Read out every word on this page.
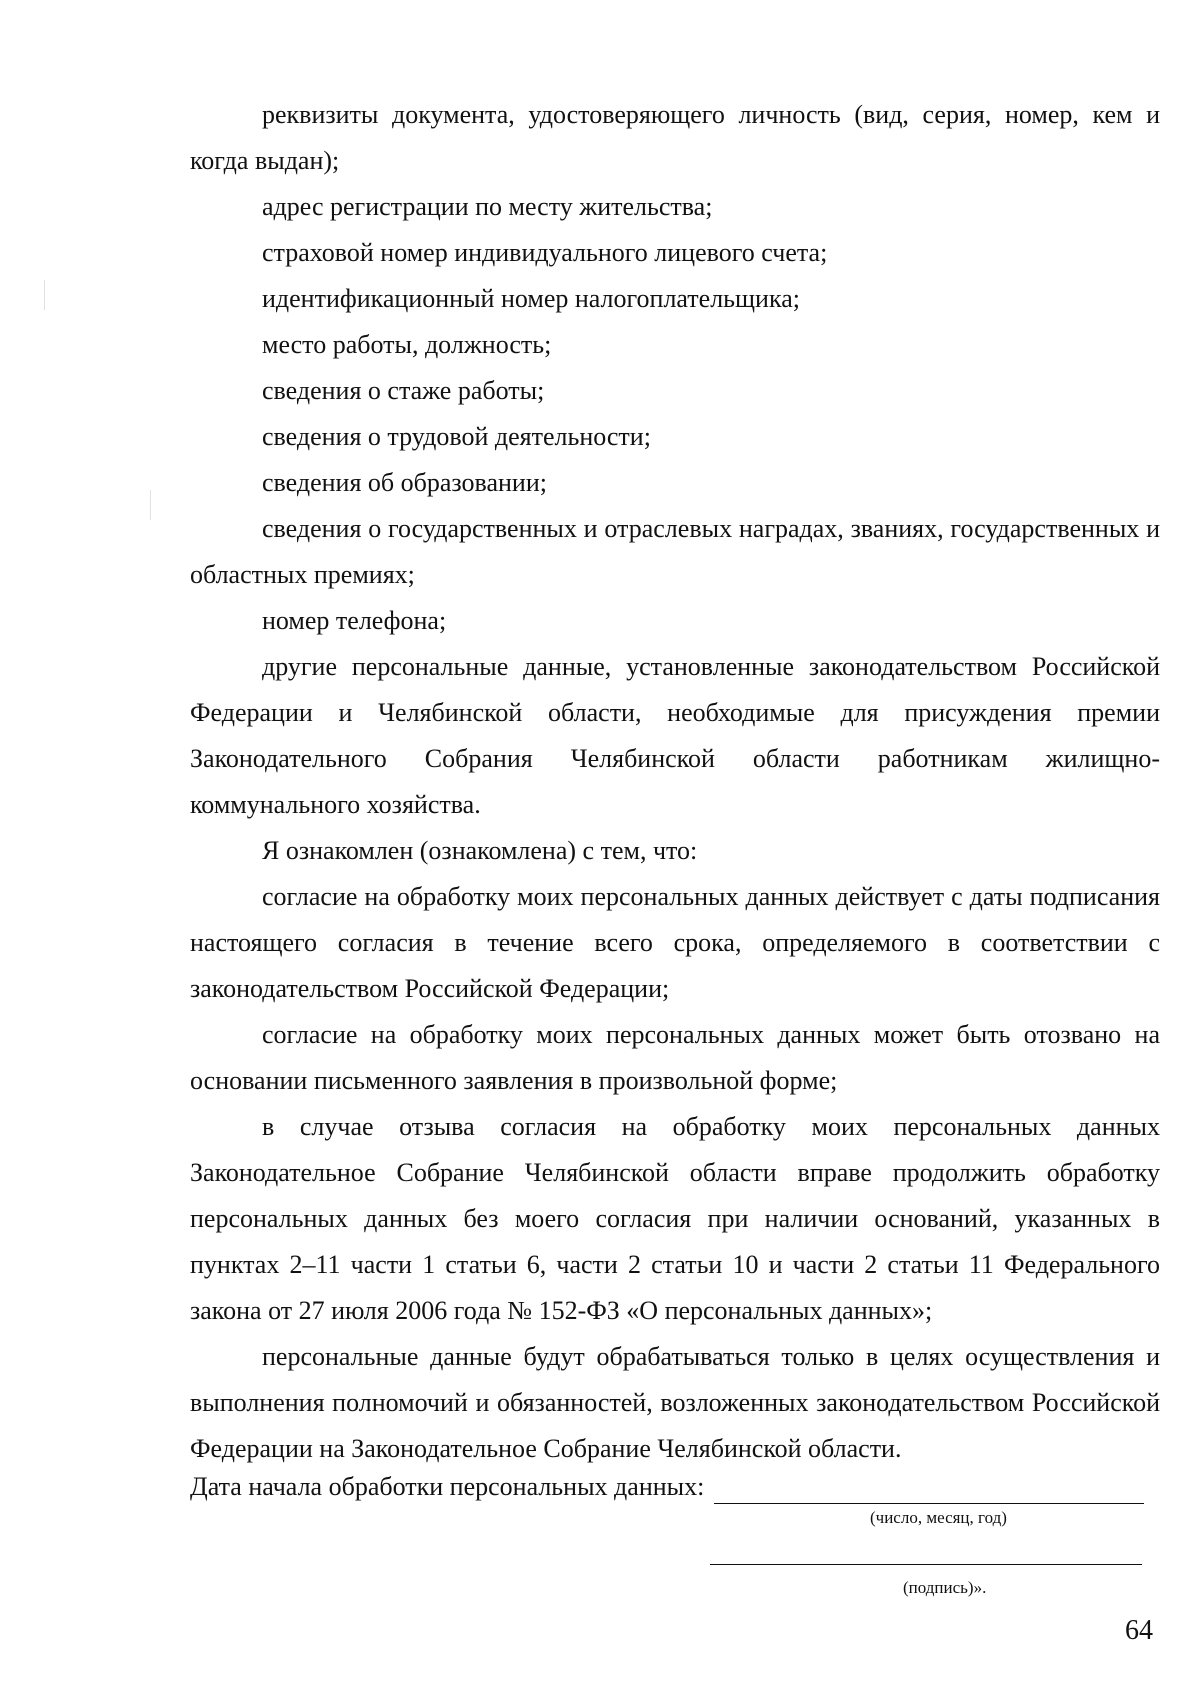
реквизиты документа, удостоверяющего личность (вид, серия, номер, кем и когда выдан);

адрес регистрации по месту жительства;

страховой номер индивидуального лицевого счета;

идентификационный номер налогоплательщика;

место работы, должность;

сведения о стаже работы;

сведения о трудовой деятельности;

сведения об образовании;

сведения о государственных и отраслевых наградах, званиях, государственных и областных премиях;

номер телефона;

другие персональные данные, установленные законодательством Российской Федерации и Челябинской области, необходимые для присуждения премии Законодательного Собрания Челябинской области работникам жилищно-коммунального хозяйства.

Я ознакомлен (ознакомлена) с тем, что:

согласие на обработку моих персональных данных действует с даты подписания настоящего согласия в течение всего срока, определяемого в соответствии с законодательством Российской Федерации;

согласие на обработку моих персональных данных может быть отозвано на основании письменного заявления в произвольной форме;

в случае отзыва согласия на обработку моих персональных данных Законодательное Собрание Челябинской области вправе продолжить обработку персональных данных без моего согласия при наличии оснований, указанных в пунктах 2–11 части 1 статьи 6, части 2 статьи 10 и части 2 статьи 11 Федерального закона от 27 июля 2006 года № 152-ФЗ «О персональных данных»;

персональные данные будут обрабатываться только в целях осуществления и выполнения полномочий и обязанностей, возложенных законодательством Российской Федерации на Законодательное Собрание Челябинской области.

Дата начала обработки персональных данных:
(число, месяц, год)
(подпись)».
64
